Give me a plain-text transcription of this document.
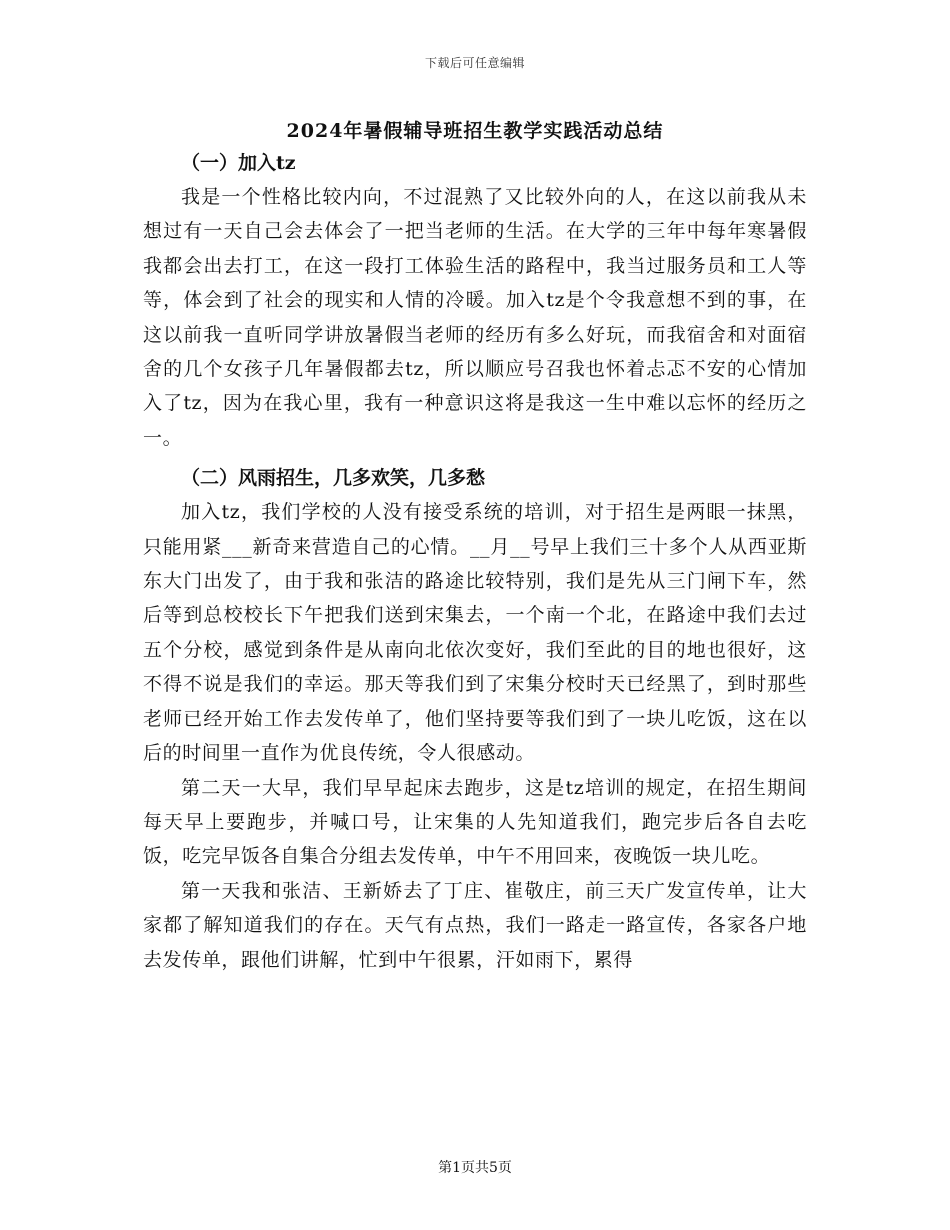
下载后可任意编辑
2024年暑假辅导班招生教学实践活动总结

（一）加入tz

我是一个性格比较内向，不过混熟了又比较外向的人，在这以前我从未想过有一天自己会去体会了一把当老师的生活。在大学的三年中每年寒暑假我都会出去打工，在这一段打工体验生活的路程中，我当过服务员和工人等等，体会到了社会的现实和人情的冷暖。加入tz是个令我意想不到的事，在这以前我一直听同学讲放暑假当老师的经历有多么好玩，而我宿舍和对面宿舍的几个女孩子几年暑假都去tz，所以顺应号召我也怀着忐忑不安的心情加入了tz，因为在我心里，我有一种意识这将是我这一生中难以忘怀的经历之一。

（二）风雨招生，几多欢笑，几多愁

加入tz，我们学校的人没有接受系统的培训，对于招生是两眼一抹黑，只能用紧___新奇来营造自己的心情。__月__号早上我们三十多个人从西亚斯东大门出发了，由于我和张洁的路途比较特别，我们是先从三门闸下车，然后等到总校校长下午把我们送到宋集去，一个南一个北，在路途中我们去过五个分校，感觉到条件是从南向北依次变好，我们至此的目的地也很好，这不得不说是我们的幸运。那天等我们到了宋集分校时天已经黑了，到时那些老师已经开始工作去发传单了，他们坚持要等我们到了一块儿吃饭，这在以后的时间里一直作为优良传统，令人很感动。

第二天一大早，我们早早起床去跑步，这是tz培训的规定，在招生期间每天早上要跑步，并喊口号，让宋集的人先知道我们，跑完步后各自去吃饭，吃完早饭各自集合分组去发传单，中午不用回来，夜晚饭一块儿吃。

第一天我和张洁、王新娇去了丁庄、崔敬庄，前三天广发宣传单，让大家都了解知道我们的存在。天气有点热，我们一路走一路宣传，各家各户地去发传单，跟他们讲解，忙到中午很累，汗如雨下，累得

第1页共5页
